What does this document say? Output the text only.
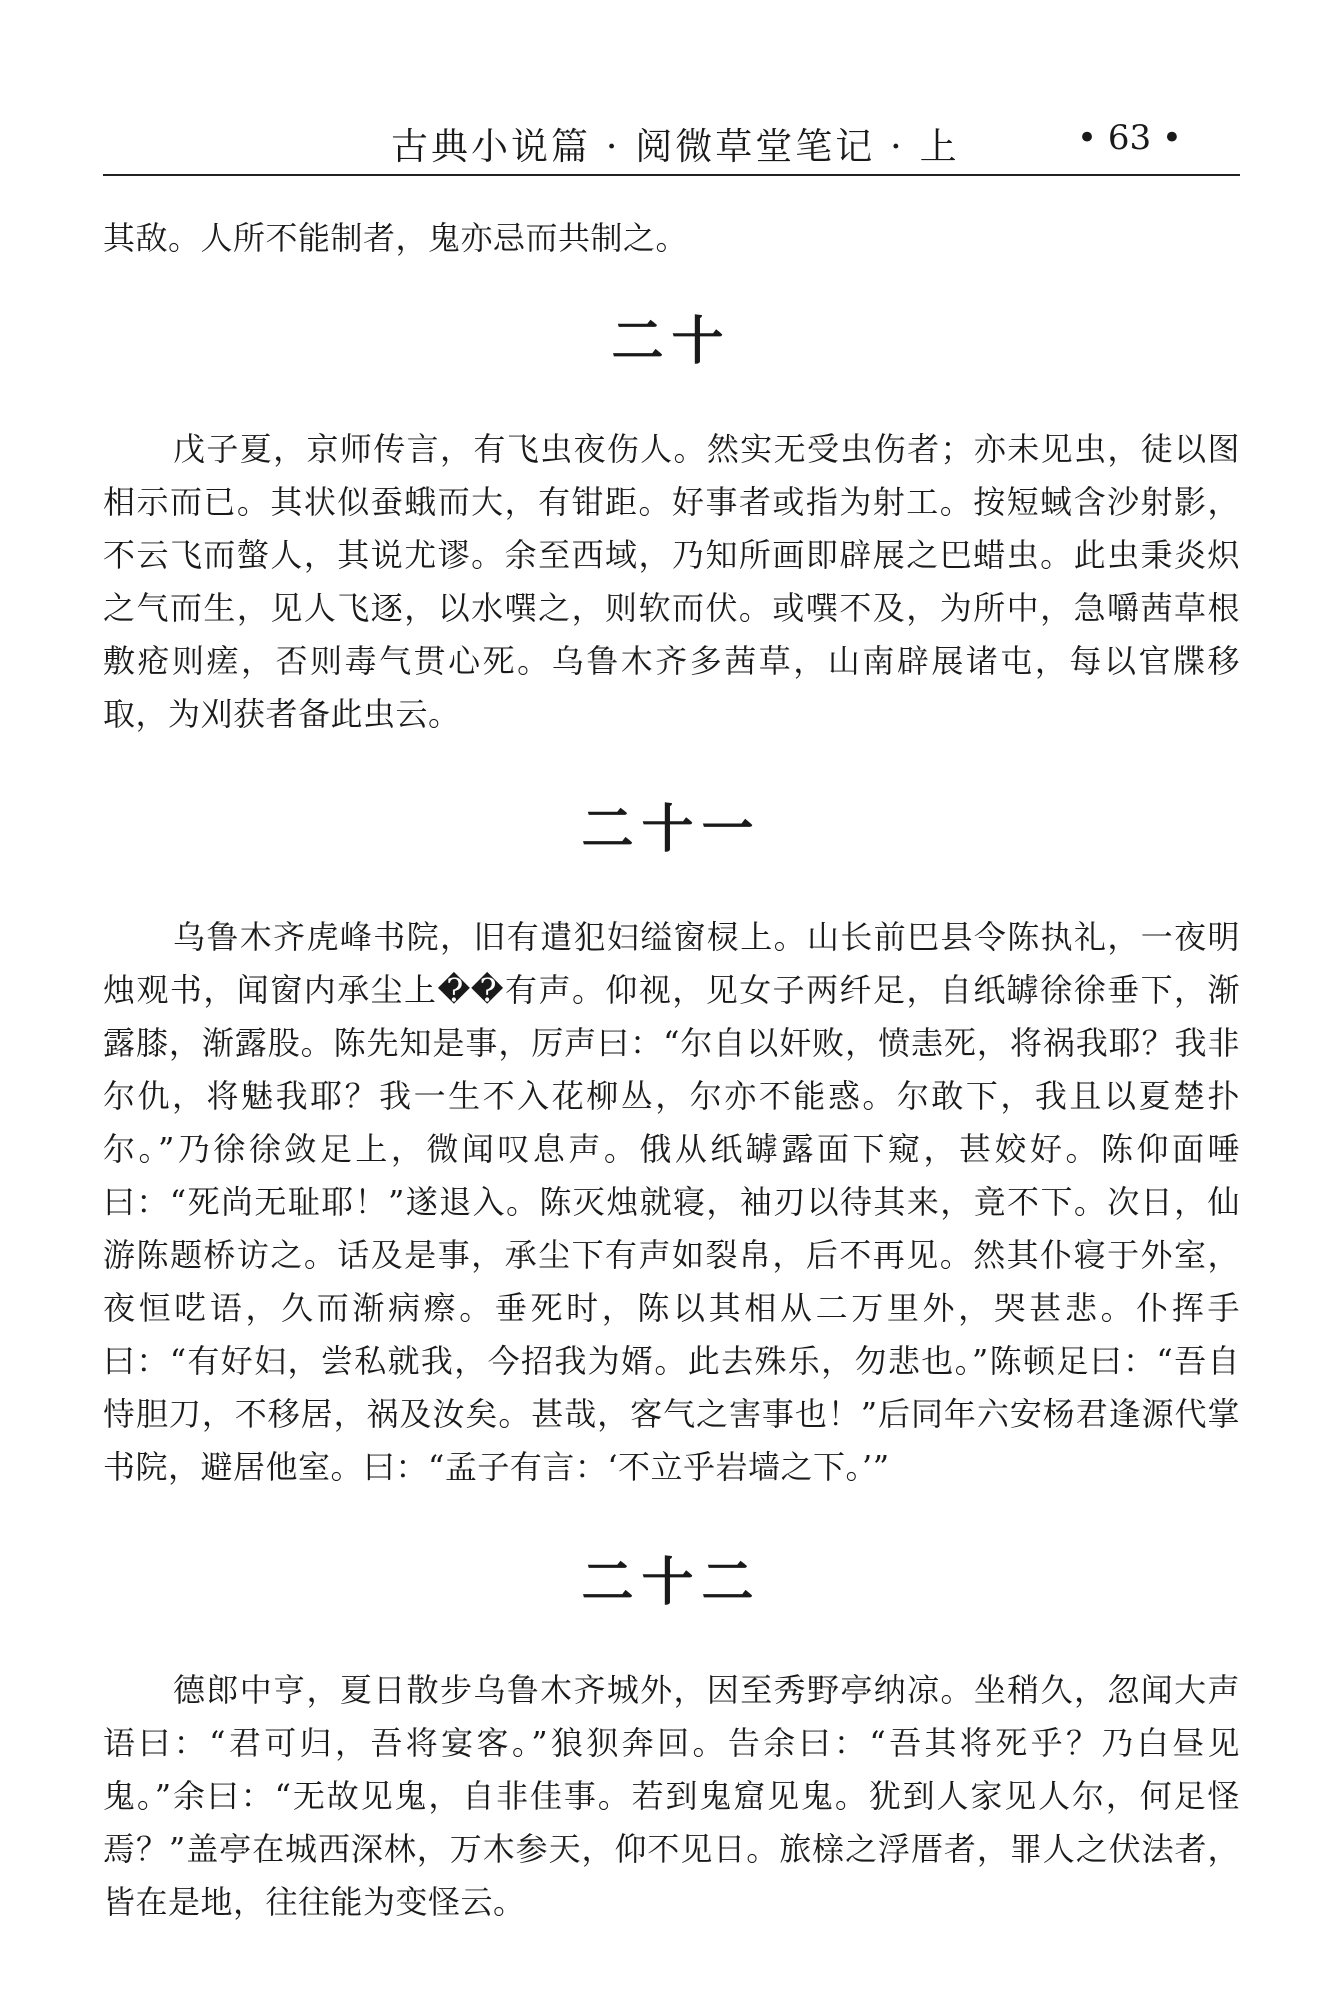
古典小说篇 · 阅微草堂笔记 · 上	• 63 •

其敌。人所不能制者，鬼亦忌而共制之。

二十

戊子夏，京师传言，有飞虫夜伤人。然实无受虫伤者；亦未见虫，徒以图相示而已。其状似蚕蛾而大，有钳距。好事者或指为射工。按短蜮含沙射影，不云飞而螫人，其说尤谬。余至西域，乃知所画即辟展之巴蜡虫。此虫秉炎炽之气而生，见人飞逐，以水噀之，则软而伏。或噀不及，为所中，急嚼茜草根敷疮则瘥，否则毒气贯心死。乌鲁木齐多茜草，山南辟展诸屯，每以官牒移取，为刈获者备此虫云。

二十一

乌鲁木齐虎峰书院，旧有遣犯妇缢窗棂上。山长前巴县令陈执礼，一夜明烛观书，闻窗内承尘上��有声。仰视，见女子两纤足，自纸罅徐徐垂下，渐露膝，渐露股。陈先知是事，厉声曰：“尔自以奸败，愤恚死，将祸我耶？我非尔仇，将魅我耶？我一生不入花柳丛，尔亦不能惑。尔敢下，我且以夏楚扑尔。”乃徐徐敛足上，微闻叹息声。俄从纸罅露面下窥，甚姣好。陈仰面唾曰：“死尚无耻耶！”遂退入。陈灭烛就寝，袖刃以待其来，竟不下。次日，仙游陈题桥访之。话及是事，承尘下有声如裂帛，后不再见。然其仆寝于外室，夜恒呓语，久而渐病瘵。垂死时，陈以其相从二万里外，哭甚悲。仆挥手曰：“有好妇，尝私就我，今招我为婿。此去殊乐，勿悲也。”陈顿足曰：“吾自恃胆刀，不移居，祸及汝矣。甚哉，客气之害事也！”后同年六安杨君逢源代掌书院，避居他室。曰：“孟子有言：‘不立乎岩墙之下。’”

二十二

德郎中亨，夏日散步乌鲁木齐城外，因至秀野亭纳凉。坐稍久，忽闻大声语曰：“君可归，吾将宴客。”狼狈奔回。告余曰：“吾其将死乎？乃白昼见鬼。”余曰：“无故见鬼，自非佳事。若到鬼窟见鬼。犹到人家见人尔，何足怪焉？”盖亭在城西深林，万木参天，仰不见日。旅榇之浮厝者，罪人之伏法者，皆在是地，往往能为变怪云。
